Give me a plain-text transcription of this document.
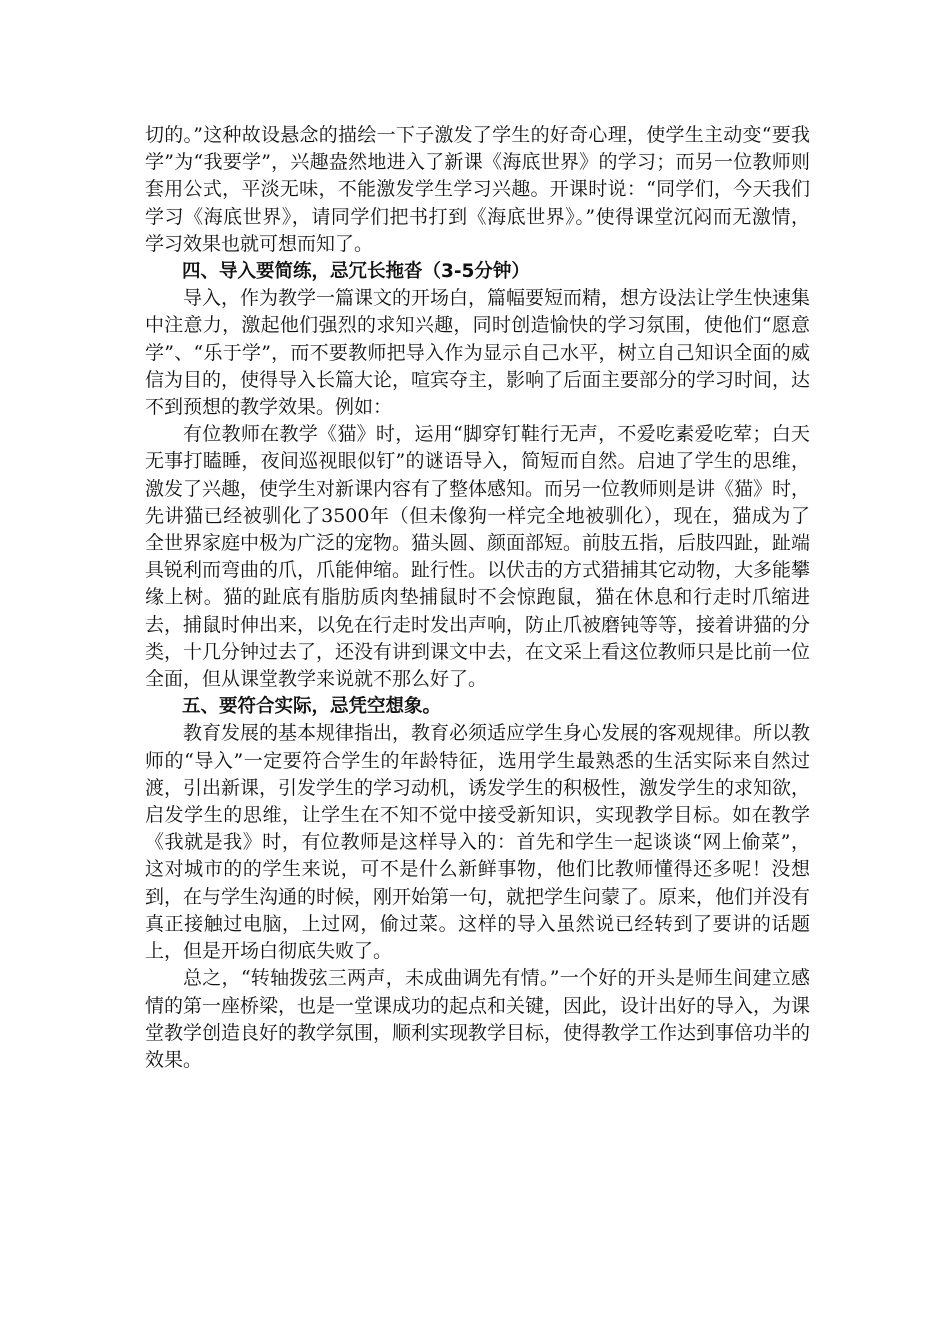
切的。”这种故设悬念的描绘一下子激发了学生的好奇心理，使学生主动变“要我学”为“我要学”，兴趣盎然地进入了新课《海底世界》的学习；而另一位教师则套用公式，平淡无味，不能激发学生学习兴趣。开课时说：“同学们，今天我们学习《海底世界》，请同学们把书打到《海底世界》。”使得课堂沉闷而无激情，学习效果也就可想而知了。

四、导入要简练，忌冗长拖沓（3-5分钟）

导入，作为教学一篇课文的开场白，篇幅要短而精，想方设法让学生快速集中注意力，激起他们强烈的求知兴趣，同时创造愉快的学习氛围，使他们“愿意学”、“乐于学”，而不要教师把导入作为显示自己水平，树立自己知识全面的威信为目的，使得导入长篇大论，喧宾夺主，影响了后面主要部分的学习时间，达不到预想的教学效果。例如：

有位教师在教学《猫》时，运用“脚穿钉鞋行无声，不爱吃素爱吃荤；白天无事打瞌睡，夜间巡视眼似钉”的谜语导入，简短而自然。启迪了学生的思维，激发了兴趣，使学生对新课内容有了整体感知。而另一位教师则是讲《猫》时，先讲猫已经被驯化了3500年（但未像狗一样完全地被驯化），现在，猫成为了全世界家庭中极为广泛的宠物。猫头圆、颜面部短。前肢五指，后肢四趾，趾端具锐利而弯曲的爪，爪能伸缩。趾行性。以伏击的方式猎捕其它动物，大多能攀缘上树。猫的趾底有脂肪质肉垫捕鼠时不会惊跑鼠，猫在休息和行走时爪缩进去，捕鼠时伸出来，以免在行走时发出声响，防止爪被磨钝等等，接着讲猫的分类，十几分钟过去了，还没有讲到课文中去，在文采上看这位教师只是比前一位全面，但从课堂教学来说就不那么好了。

五、要符合实际，忌凭空想象。

教育发展的基本规律指出，教育必须适应学生身心发展的客观规律。所以教师的“导入”一定要符合学生的年龄特征，选用学生最熟悉的生活实际来自然过渡，引出新课，引发学生的学习动机，诱发学生的积极性，激发学生的求知欲，启发学生的思维，让学生在不知不觉中接受新知识，实现教学目标。如在教学《我就是我》时，有位教师是这样导入的：首先和学生一起谈谈“网上偷菜”，这对城市的的学生来说，可不是什么新鲜事物，他们比教师懂得还多呢！没想到，在与学生沟通的时候，刚开始第一句，就把学生问蒙了。原来，他们并没有真正接触过电脑，上过网，偷过菜。这样的导入虽然说已经转到了要讲的话题上，但是开场白彻底失败了。

总之，“转轴拨弦三两声，未成曲调先有情。”一个好的开头是师生间建立感情的第一座桥梁，也是一堂课成功的起点和关键，因此，设计出好的导入，为课堂教学创造良好的教学氛围，顺利实现教学目标，使得教学工作达到事倍功半的效果。
